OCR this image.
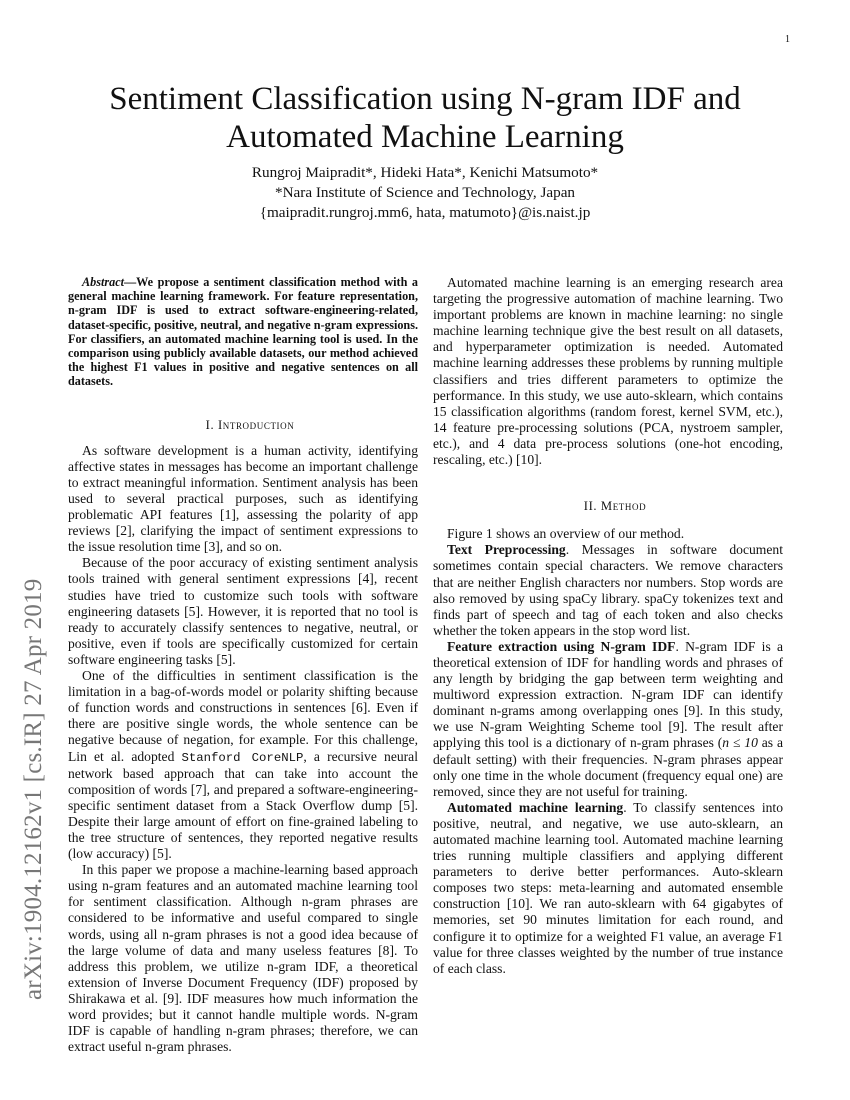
1
arXiv:1904.12162v1 [cs.IR] 27 Apr 2019
Sentiment Classification using N-gram IDF and
Automated Machine Learning
Rungroj Maipradit*, Hideki Hata*, Kenichi Matsumoto*
*Nara Institute of Science and Technology, Japan
{maipradit.rungroj.mm6, hata, matumoto}@is.naist.jp

Abstract—We propose a sentiment classification method with a general machine learning framework. For feature representation, n-gram IDF is used to extract software-engineering-related, dataset-specific, positive, neutral, and negative n-gram expressions. For classifiers, an automated machine learning tool is used. In the comparison using publicly available datasets, our method achieved the highest F1 values in positive and negative sentences on all datasets.

I. Introduction

As software development is a human activity, identifying affective states in messages has become an important challenge to extract meaningful information. Sentiment analysis has been used to several practical purposes, such as identifying problematic API features [1], assessing the polarity of app reviews [2], clarifying the impact of sentiment expressions to the issue resolution time [3], and so on.

Because of the poor accuracy of existing sentiment analysis tools trained with general sentiment expressions [4], recent studies have tried to customize such tools with software engineering datasets [5]. However, it is reported that no tool is ready to accurately classify sentences to negative, neutral, or positive, even if tools are specifically customized for certain software engineering tasks [5].

One of the difficulties in sentiment classification is the limitation in a bag-of-words model or polarity shifting because of function words and constructions in sentences [6]. Even if there are positive single words, the whole sentence can be negative because of negation, for example. For this challenge, Lin et al. adopted Stanford CoreNLP, a recursive neural network based approach that can take into account the composition of words [7], and prepared a software-engineering-specific sentiment dataset from a Stack Overflow dump [5]. Despite their large amount of effort on fine-grained labeling to the tree structure of sentences, they reported negative results (low accuracy) [5].

In this paper we propose a machine-learning based approach using n-gram features and an automated machine learning tool for sentiment classification. Although n-gram phrases are considered to be informative and useful compared to single words, using all n-gram phrases is not a good idea because of the large volume of data and many useless features [8]. To address this problem, we utilize n-gram IDF, a theoretical extension of Inverse Document Frequency (IDF) proposed by Shirakawa et al. [9]. IDF measures how much information the word provides; but it cannot handle multiple words. N-gram IDF is capable of handling n-gram phrases; therefore, we can extract useful n-gram phrases.

Automated machine learning is an emerging research area targeting the progressive automation of machine learning. Two important problems are known in machine learning: no single machine learning technique give the best result on all datasets, and hyperparameter optimization is needed. Automated machine learning addresses these problems by running multiple classifiers and tries different parameters to optimize the performance. In this study, we use auto-sklearn, which contains 15 classification algorithms (random forest, kernel SVM, etc.), 14 feature pre-processing solutions (PCA, nystroem sampler, etc.), and 4 data pre-process solutions (one-hot encoding, rescaling, etc.) [10].

II. Method

Figure 1 shows an overview of our method.

Text Preprocessing. Messages in software document sometimes contain special characters. We remove characters that are neither English characters nor numbers. Stop words are also removed by using spaCy library. spaCy tokenizes text and finds part of speech and tag of each token and also checks whether the token appears in the stop word list.

Feature extraction using N-gram IDF. N-gram IDF is a theoretical extension of IDF for handling words and phrases of any length by bridging the gap between term weighting and multiword expression extraction. N-gram IDF can identify dominant n-grams among overlapping ones [9]. In this study, we use N-gram Weighting Scheme tool [9]. The result after applying this tool is a dictionary of n-gram phrases (n ≤ 10 as a default setting) with their frequencies. N-gram phrases appear only one time in the whole document (frequency equal one) are removed, since they are not useful for training.

Automated machine learning. To classify sentences into positive, neutral, and negative, we use auto-sklearn, an automated machine learning tool. Automated machine learning tries running multiple classifiers and applying different parameters to derive better performances. Auto-sklearn composes two steps: meta-learning and automated ensemble construction [10]. We ran auto-sklearn with 64 gigabytes of memories, set 90 minutes limitation for each round, and configure it to optimize for a weighted F1 value, an average F1 value for three classes weighted by the number of true instance of each class.
